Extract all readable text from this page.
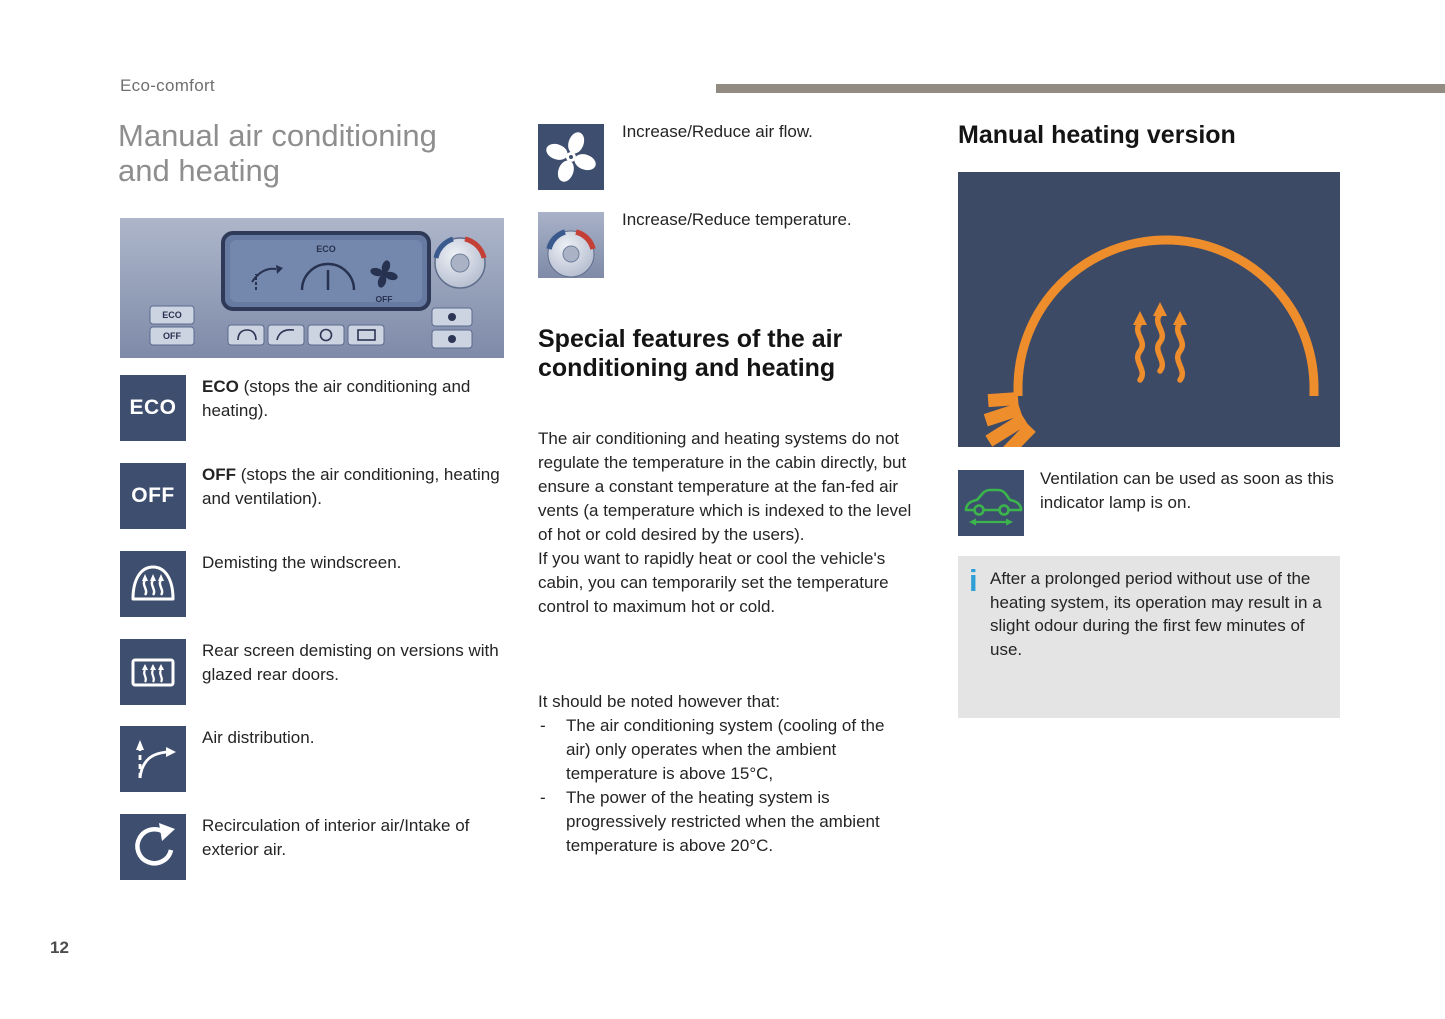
Eco-comfort
Manual air conditioning
and heating
ECO
OFF
ECO
OFF
ECO
ECO (stops the air conditioning and heating).
OFF
OFF (stops the air conditioning, heating and ventilation).
Demisting the windscreen.
Rear screen demisting on versions with glazed rear doors.
Air distribution.
Recirculation of interior air/Intake of exterior air.
Increase/Reduce air flow.
Increase/Reduce temperature.
Special features of the air
conditioning and heating

The air conditioning and heating systems do not regulate the temperature in the cabin directly, but ensure a constant temperature at the fan-fed air vents (a temperature which is indexed to the level of hot or cold desired by the users).

If you want to rapidly heat or cool the vehicle's cabin, you can temporarily set the temperature control to maximum hot or cold.

It should be noted however that:
- The air conditioning system (cooling of the air) only operates when the ambient temperature is above 15°C,
- The power of the heating system is progressively restricted when the ambient temperature is above 20°C.
Manual heating version
Ventilation can be used as soon as this indicator lamp is on.
i After a prolonged period without use of the heating system, its operation may result in a slight odour during the first few minutes of use.
12
